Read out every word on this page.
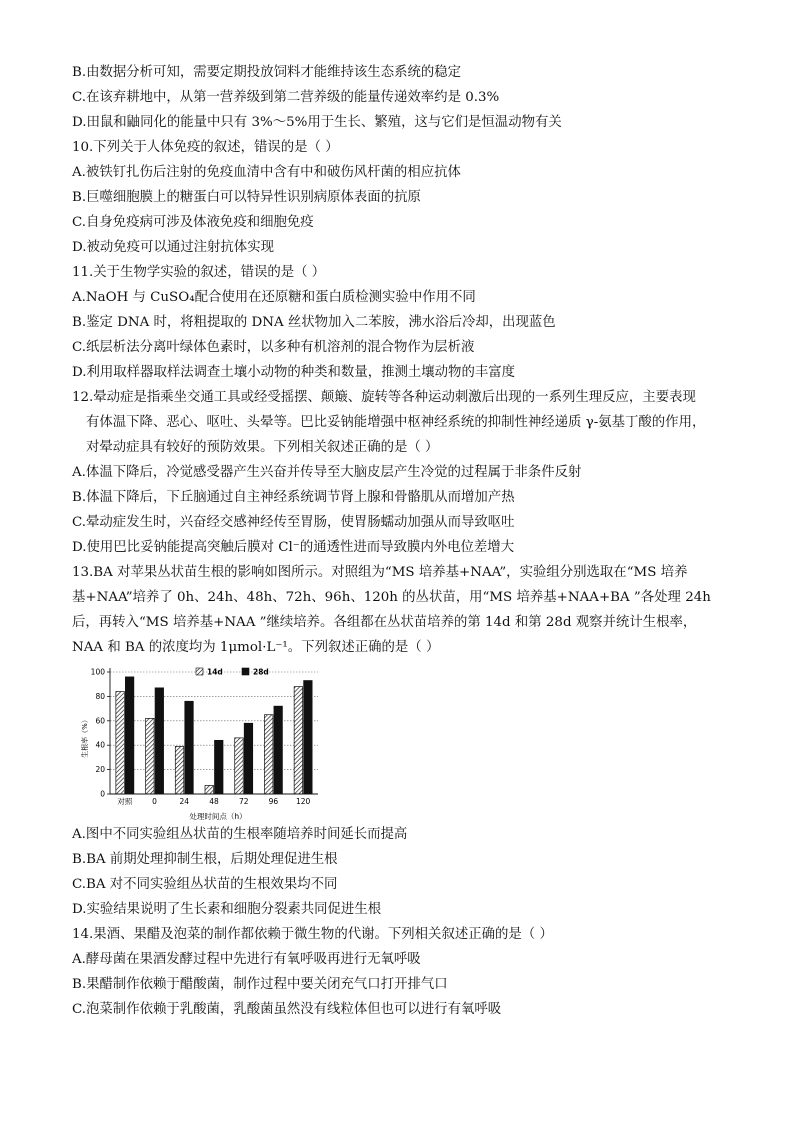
B.由数据分析可知，需要定期投放饲料才能维持该生态系统的稳定
C.在该弃耕地中，从第一营养级到第二营养级的能量传递效率约是 0.3%
D.田鼠和鼬同化的能量中只有 3%～5%用于生长、繁殖，这与它们是恒温动物有关
10.下列关于人体免疫的叙述，错误的是（ ）
A.被铁钉扎伤后注射的免疫血清中含有中和破伤风杆菌的相应抗体
B.巨噬细胞膜上的糖蛋白可以特异性识别病原体表面的抗原
C.自身免疫病可涉及体液免疫和细胞免疫
D.被动免疫可以通过注射抗体实现
11.关于生物学实验的叙述，错误的是（ ）
A.NaOH 与 CuSO₄配合使用在还原糖和蛋白质检测实验中作用不同
B.鉴定 DNA 时，将粗提取的 DNA 丝状物加入二苯胺，沸水浴后冷却，出现蓝色
C.纸层析法分离叶绿体色素时，以多种有机溶剂的混合物作为层析液
D.利用取样器取样法调查土壤小动物的种类和数量，推测土壤动物的丰富度
12.晕动症是指乘坐交通工具或经受摇摆、颠簸、旋转等各种运动刺激后出现的一系列生理反应，主要表现
有体温下降、恶心、呕吐、头晕等。巴比妥钠能增强中枢神经系统的抑制性神经递质 γ-氨基丁酸的作用，
对晕动症具有较好的预防效果。下列相关叙述正确的是（ ）
A.体温下降后，冷觉感受器产生兴奋并传导至大脑皮层产生冷觉的过程属于非条件反射
B.体温下降后，下丘脑通过自主神经系统调节肾上腺和骨骼肌从而增加产热
C.晕动症发生时，兴奋经交感神经传至胃肠，使胃肠蠕动加强从而导致呕吐
D.使用巴比妥钠能提高突触后膜对 Cl⁻的通透性进而导致膜内外电位差增大
13.BA 对苹果丛状苗生根的影响如图所示。对照组为“MS 培养基+NAA”，实验组分别选取在“MS 培养
基+NAA”培养了 0h、24h、48h、72h、96h、120h 的丛状苗，用“MS 培养基+NAA+BA ”各处理 24h
后，再转入“MS 培养基+NAA ”继续培养。各组都在丛状苗培养的第 14d 和第 28d 观察并统计生根率，
NAA 和 BA 的浓度均为 1μmol·L⁻¹。下列叙述正确的是（ ）
0
20
40
60
80
100
对照	0	24	48	72	96 120
生根率（%）
处理时间点（h）
14d	28d
A.图中不同实验组丛状苗的生根率随培养时间延长而提高
B.BA 前期处理抑制生根，后期处理促进生根
C.BA 对不同实验组丛状苗的生根效果均不同
D.实验结果说明了生长素和细胞分裂素共同促进生根
14.果酒、果醋及泡菜的制作都依赖于微生物的代谢。下列相关叙述正确的是（ ）
A.酵母菌在果酒发酵过程中先进行有氧呼吸再进行无氧呼吸
B.果醋制作依赖于醋酸菌，制作过程中要关闭充气口打开排气口
C.泡菜制作依赖于乳酸菌，乳酸菌虽然没有线粒体但也可以进行有氧呼吸
